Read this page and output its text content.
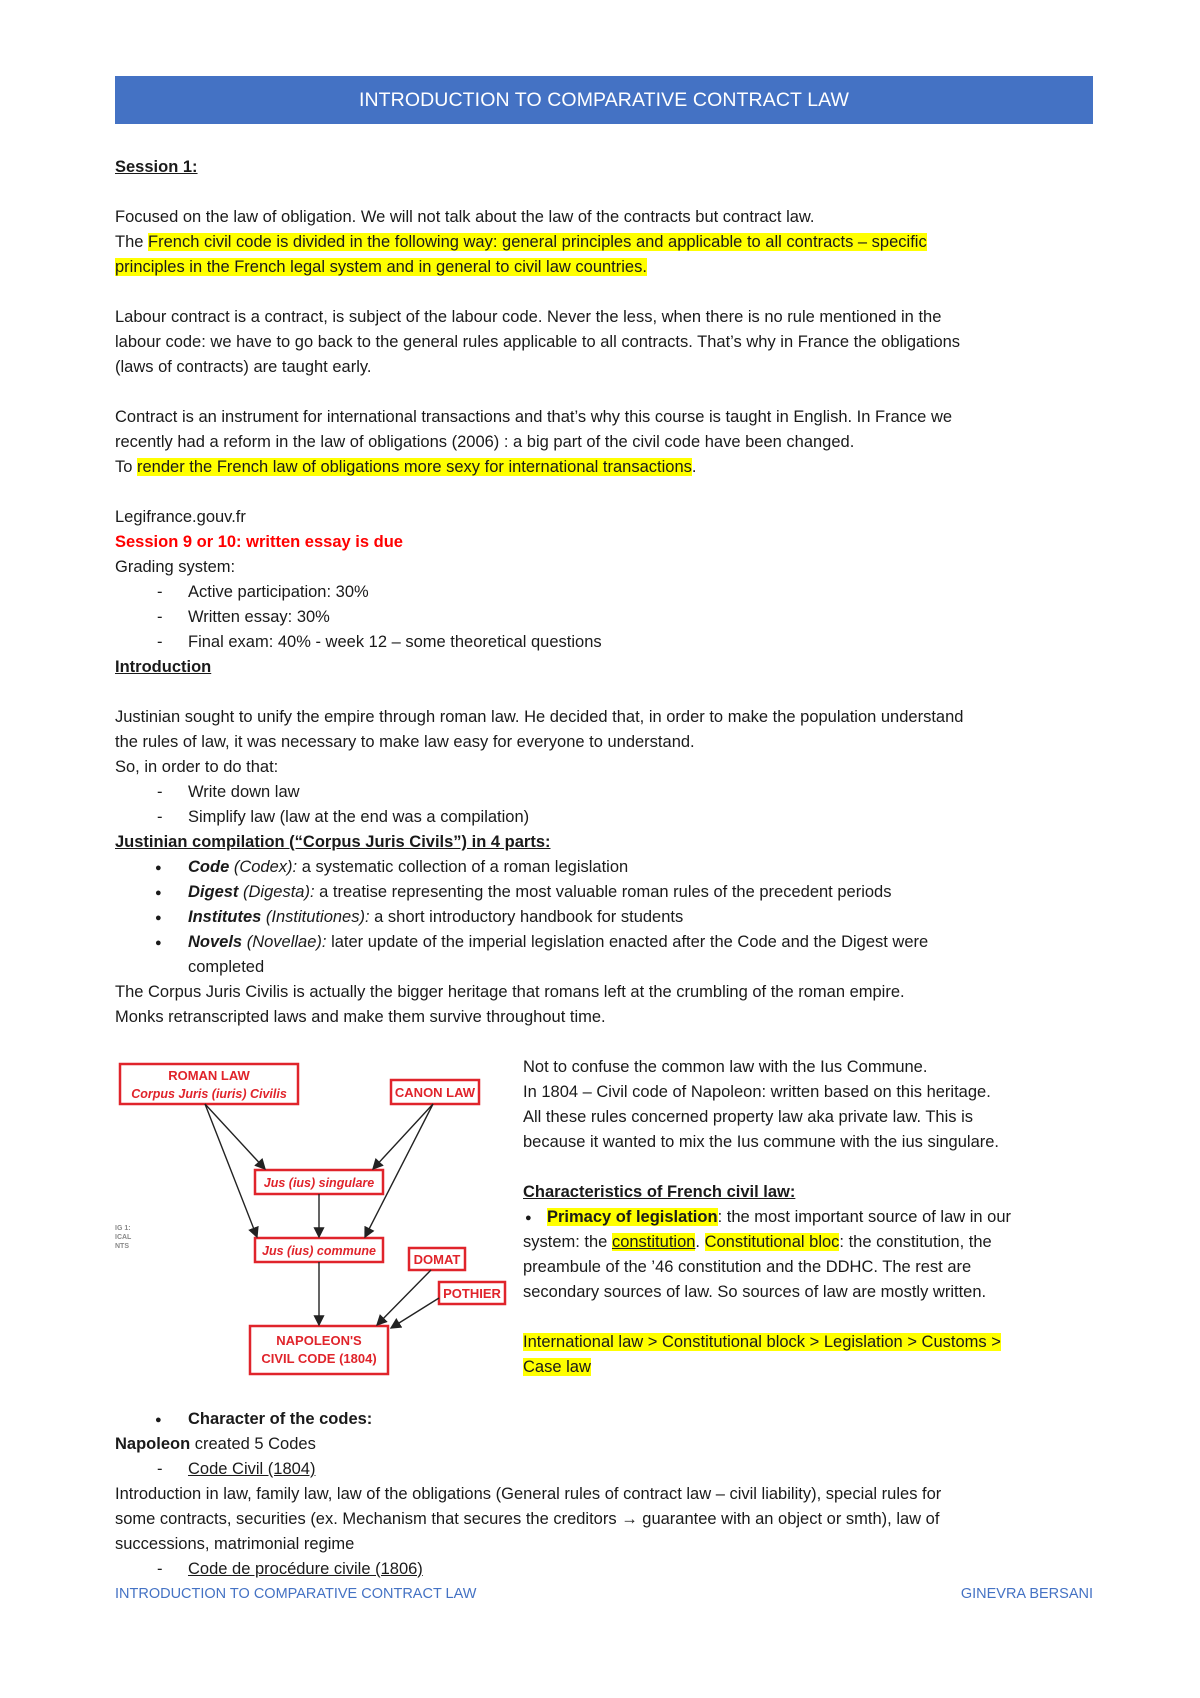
INTRODUCTION TO COMPARATIVE CONTRACT LAW
Session 1:
Focused on the law of obligation. We will not talk about the law of the contracts but contract law.
The French civil code is divided in the following way: general principles and applicable to all contracts – specific
principles in the French legal system and in general to civil law countries.
Labour contract is a contract, is subject of the labour code. Never the less, when there is no rule mentioned in the
labour code: we have to go back to the general rules applicable to all contracts. That’s why in France the obligations
(laws of contracts) are taught early.
Contract is an instrument for international transactions and that’s why this course is taught in English. In France we
recently had a reform in the law of obligations (2006) : a big part of the civil code have been changed.
To render the French law of obligations more sexy for international transactions.
Legifrance.gouv.fr
Session 9 or 10: written essay is due
Grading system:
- Active participation: 30%
- Written essay: 30%
- Final exam: 40% - week 12 – some theoretical questions
Introduction
Justinian sought to unify the empire through roman law. He decided that, in order to make the population understand
the rules of law, it was necessary to make law easy for everyone to understand.
So, in order to do that:
- Write down law
- Simplify law (law at the end was a compilation)
Justinian compilation (“Corpus Juris Civils”) in 4 parts:
● Code (Codex): a systematic collection of a roman legislation
● Digest (Digesta): a treatise representing the most valuable roman rules of the precedent periods
● Institutes (Institutiones): a short introductory handbook for students
● Novels (Novellae): later update of the imperial legislation enacted after the Code and the Digest were
completed
The Corpus Juris Civilis is actually the bigger heritage that romans left at the crumbling of the roman empire.
Monks retranscripted laws and make them survive throughout time.
ROMAN LAW
Corpus Juris (iuris) Civilis	CANON LAW
Jus (ius) singulare
Jus (ius) commune
DOMAT
POTHIER
NAPOLEON'S
CIVIL CODE (1804)
IG 1:
ICAL
NTS
Not to confuse the common law with the Ius Commune.
In 1804 – Civil code of Napoleon: written based on this heritage.
All these rules concerned property law aka private law. This is
because it wanted to mix the Ius commune with the ius singulare.
Characteristics of French civil law:
● Primacy of legislation: the most important source of law in our
system: the constitution. Constitutional bloc: the constitution, the
preambule of the ’46 constitution and the DDHC. The rest are
secondary sources of law. So sources of law are mostly written.
International law > Constitutional block > Legislation > Customs >
Case law
● Character of the codes:
Napoleon created 5 Codes
- Code Civil (1804)
Introduction in law, family law, law of the obligations (General rules of contract law – civil liability), special rules for
some contracts, securities (ex. Mechanism that secures the creditors → guarantee with an object or smth), law of
successions, matrimonial regime
- Code de procédure civile (1806)
INTRODUCTION TO COMPARATIVE CONTRACT LAW	GINEVRA BERSANI
